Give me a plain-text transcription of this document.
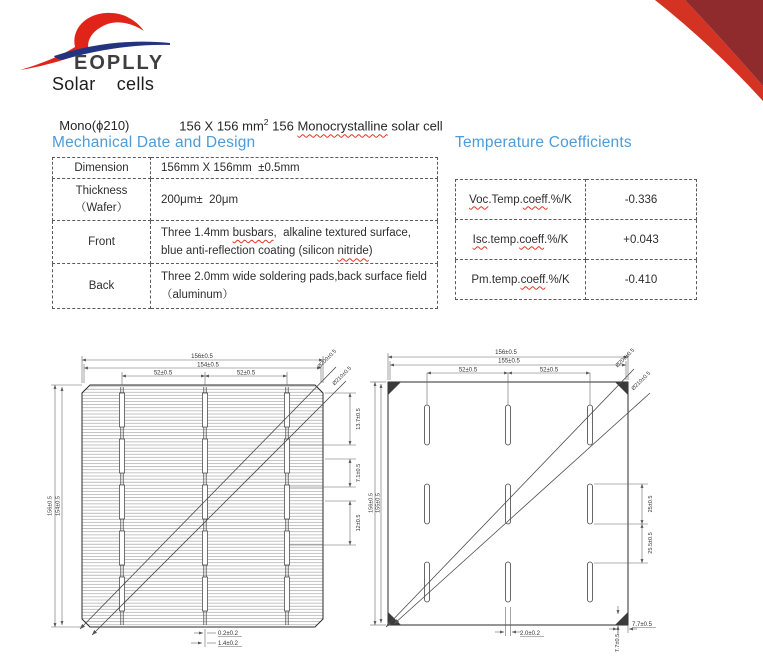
EOPLLY
Solar    cells

Mono(ϕ210)	156 X 156 $mm^2$ 156 Monocrystalline solar cell

Mechanical Date and Design
Dimension	156mm X 156mm  ±0.5mm

Thickness
（Wafer）	200μm±  20μm
Front	Three 1.4mm busbars,  alkaline textured surface, blue anti-reflection coating (silicon nitride)
Back	Three 2.0mm wide soldering pads,back surface field  （aluminum）
Temperature Coefficients
Voc.Temp.coeff.%/K	-0.336
Isc.temp.coeff.%/K	+0.043
Pm.temp.coeff.%/K	-0.410
156±0.5
154±0.5
52±0.5	52±0.5
156±0.5 154±0.5
13.7±0.5
7.1±0.5
12±0.5
0.2±0.2
1.4±0.2
Ø200±0.5
Ø210±0.5
156±0.5
155±0.5
52±0.5	52±0.5
156±0.5 155±0.5	25±0.5
25.5±0.5
2.0±0.2
7.7±0.5
7.7±0.5
Ø200±0.5
Ø210±0.5
